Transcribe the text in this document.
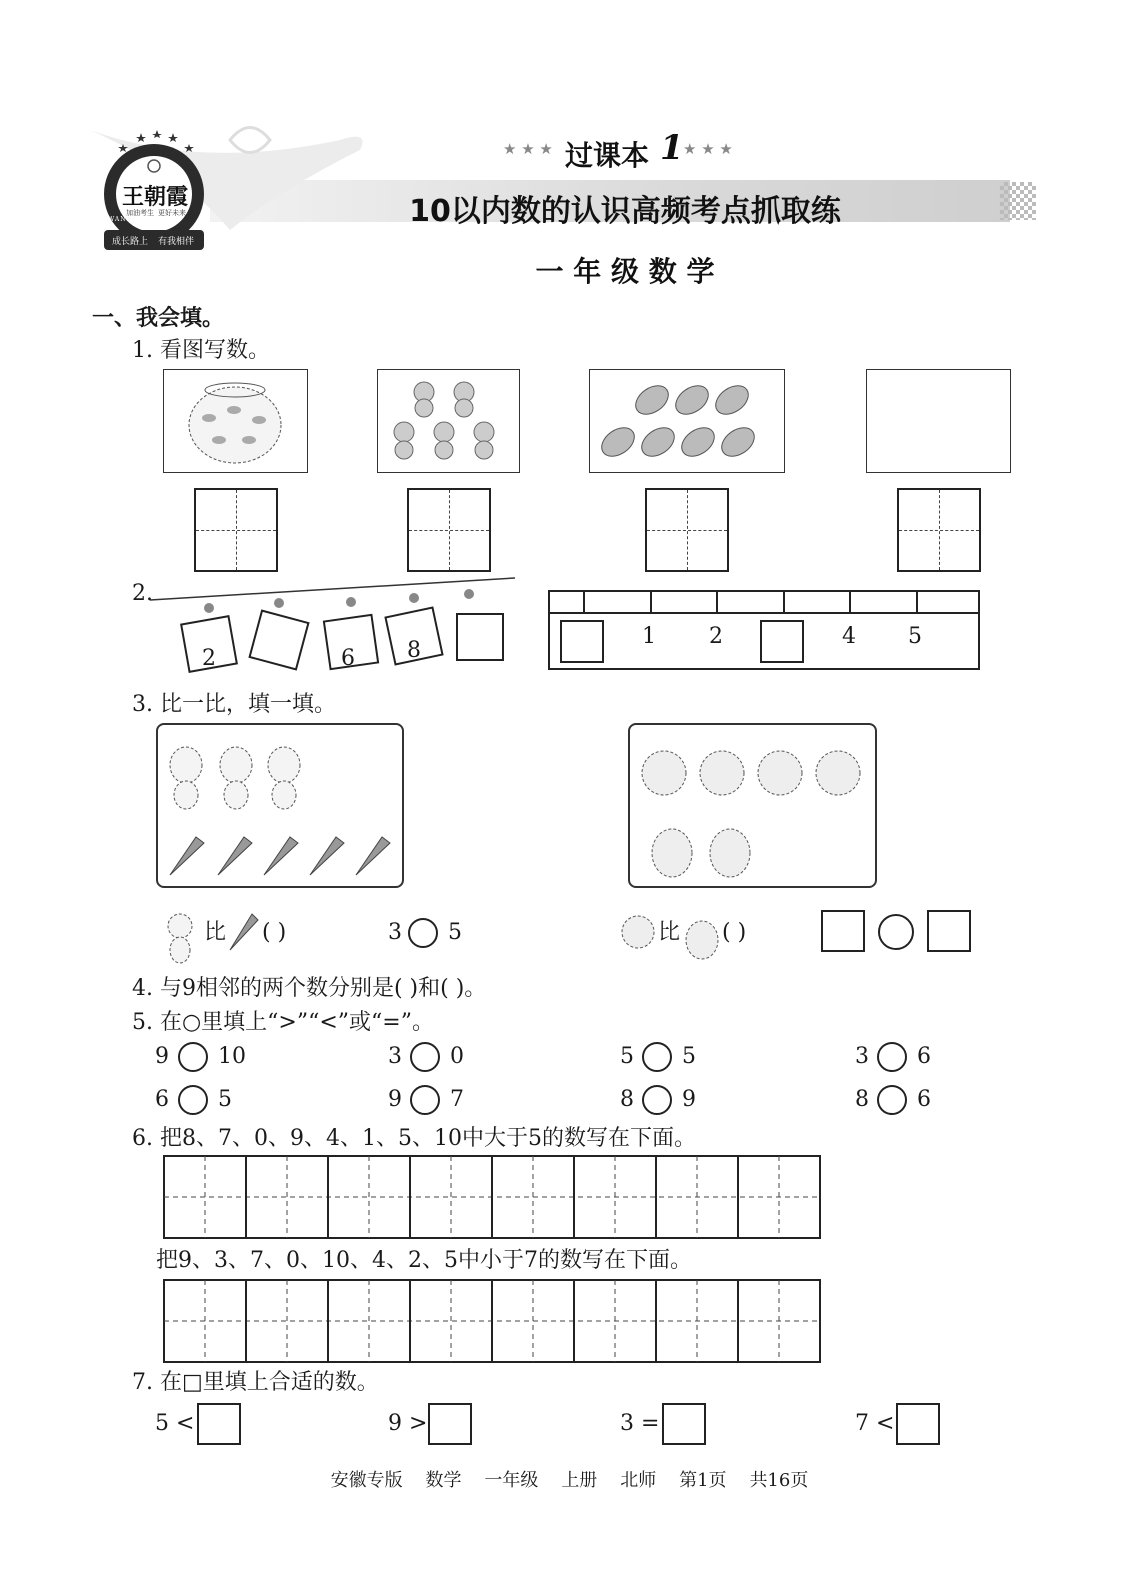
王朝霞
加油考生 更好未来
成长路上 有我相伴
WANGZHAOXIA
★ ★ ★ 过课本 1 ★ ★ ★
10以内数的认识高频考点抓取练
一 年 级 数 学
一、我会填。
1. 看图写数。
2.
2	6 8
1 2	4 5
3. 比一比，填一填。
比 ( )	3 5	比 ( )
4. 与9相邻的两个数分别是( )和( )。
5. 在○里填上“>”“<”或“=”。
9 10	3 0	5 5	3 6
6 5	9 7	8 9	8 6
6. 把8、7、0、9、4、1、5、10中大于5的数写在下面。
把9、3、7、0、10、4、2、5中小于7的数写在下面。
7. 在□里填上合适的数。
5 <	9 >	3 =	7 <
安徽专版 数学 一年级 上册 北师 第1页 共16页
